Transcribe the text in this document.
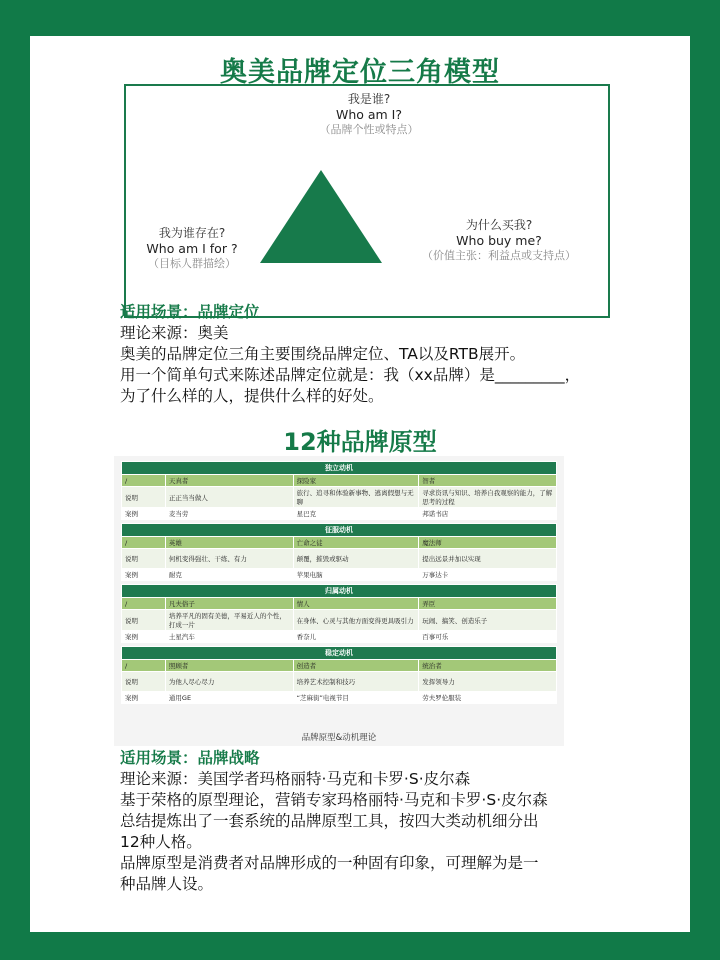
奥美品牌定位三角模型
我是谁?
Who am I?
（品牌个性或特点）
我为谁存在?
Who am I for ?
（目标人群描绘）
为什么买我?
Who buy me?
（价值主张：利益点或支持点）
适用场景：品牌定位
理论来源：奥美
奥美的品牌定位三角主要围绕品牌定位、TA以及RTB展开。
用一个简单句式来陈述品牌定位就是：我（xx品牌）是_________，
为了什么样的人，提供什么样的好处。
12种品牌原型
独立动机			
/	天真者	探险家	智者
说明	正正当当做人	旅行、追寻和体验新事物、逃离假想与无聊	寻求资讯与知识、培养自我观察的能力，了解思考的过程
案例	麦当劳	星巴克	邦诺书店

征服动机			
/	英雄	亡命之徒	魔法师
说明	何机变得强壮、干练、有力	颠覆，摧毁或驱动	提出远景并加以实现
案例	耐克	苹果电脑	万事达卡

归属动机			
/	凡夫俗子	情人	弄臣
说明	培养平凡的固有美德，平易近人的个性，打成一片	在身体、心灵与其他方面变得更具吸引力	玩闹、搞笑、创造乐子
案例	土星汽车	香奈儿	百事可乐

稳定动机			
/	照顾者	创造者	统治者
说明	为他人尽心尽力	培养艺术控制和技巧	发挥领导力
案例	通用GE	“芝麻街”电视节目	劳夫罗伦服装
品牌原型&动机理论
适用场景：品牌战略
理论来源：美国学者玛格丽特·马克和卡罗·S·皮尔森
基于荣格的原型理论，营销专家玛格丽特·马克和卡罗·S·皮尔森
总结提炼出了一套系统的品牌原型工具，按四大类动机细分出
12种人格。
品牌原型是消费者对品牌形成的一种固有印象，可理解为是一
种品牌人设。
